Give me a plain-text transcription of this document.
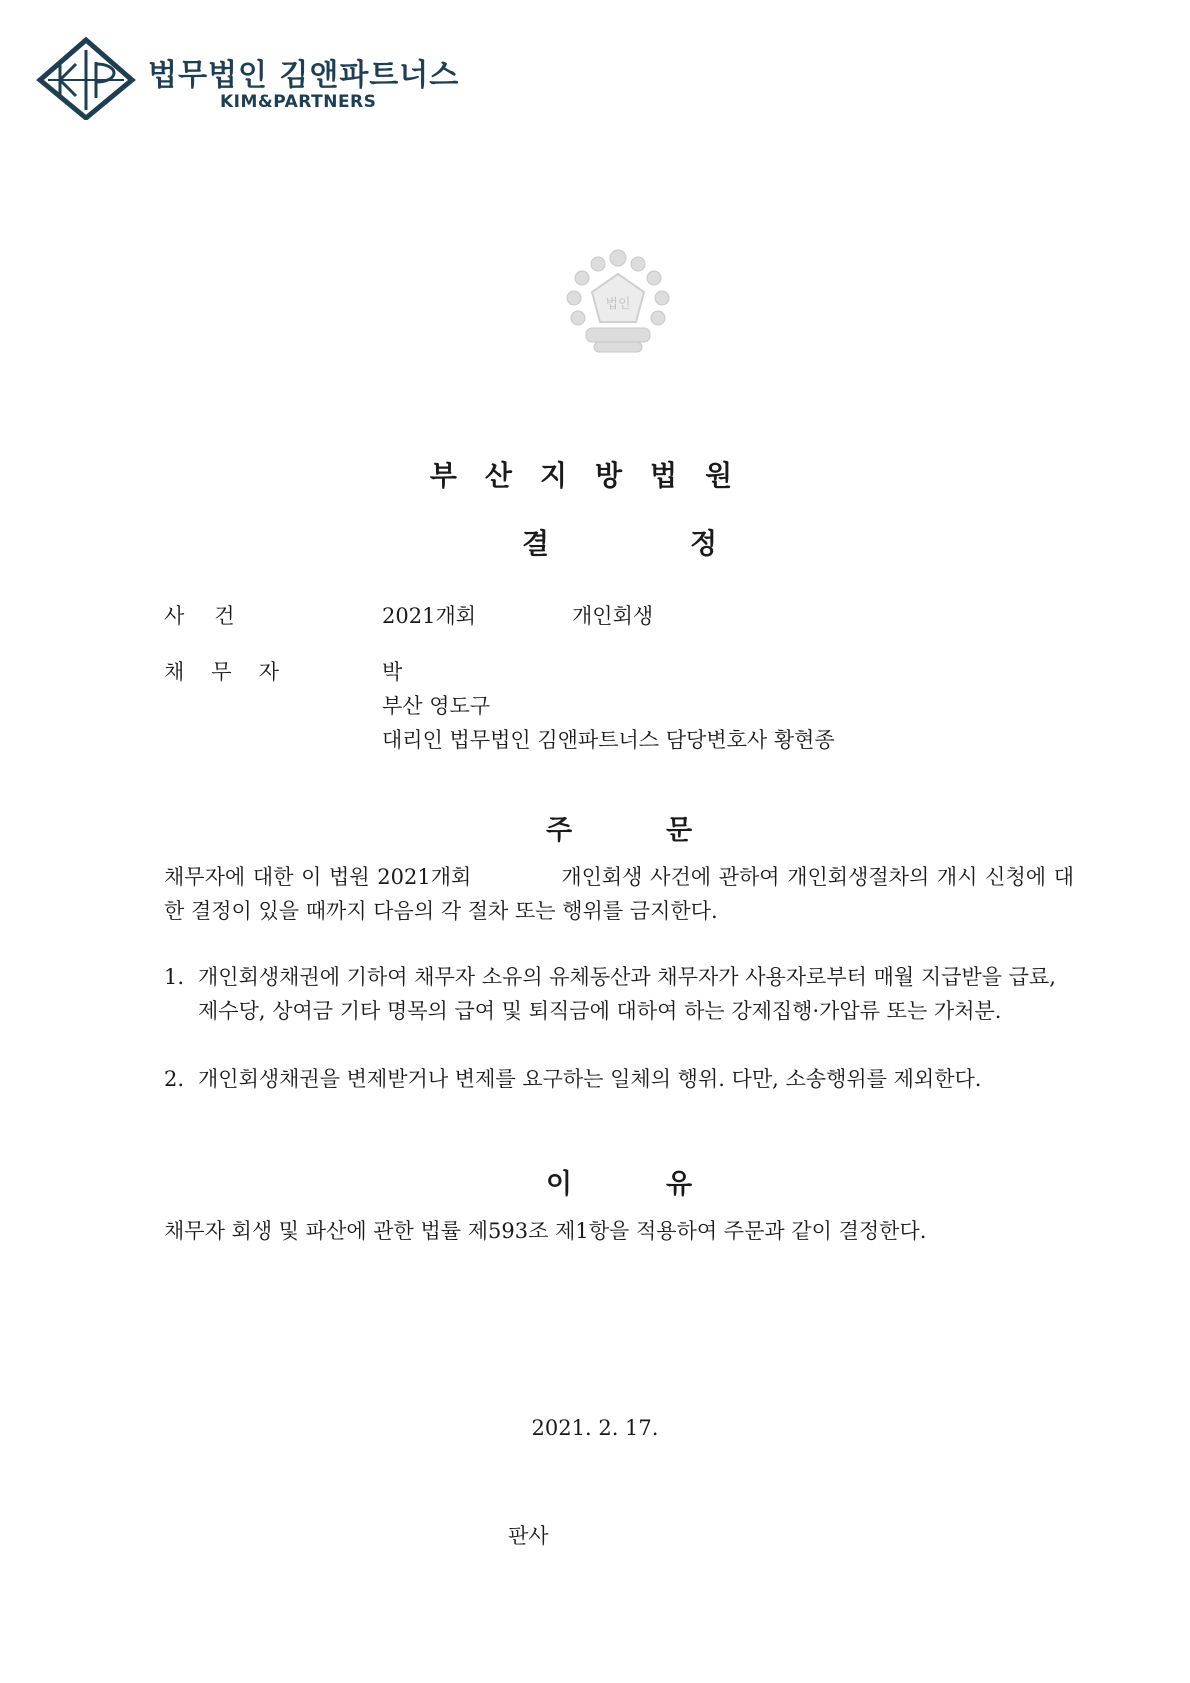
법무법인 김앤파트너스
KIM&PARTNERS
법인
부산지방법원
결	정
사건	2021개회	개인회생
채무자	박
부산 영도구
대리인 법무법인 김앤파트너스 담당변호사 황현종
주	문
채무자에 대한 이 법원 2021개회	개인회생 사건에 관하여 개인회생절차의 개시 신청에 대한 결정이 있을 때까지 다음의 각 절차 또는 행위를 금지한다.
1. 개인회생채권에 기하여 채무자 소유의 유체동산과 채무자가 사용자로부터 매월 지급받을 급료, 제수당, 상여금 기타 명목의 급여 및 퇴직금에 대하여 하는 강제집행·가압류 또는 가처분.
2. 개인회생채권을 변제받거나 변제를 요구하는 일체의 행위. 다만, 소송행위를 제외한다.
이	유
채무자 회생 및 파산에 관한 법률 제593조 제1항을 적용하여 주문과 같이 결정한다.
2021. 2. 17.
판사
